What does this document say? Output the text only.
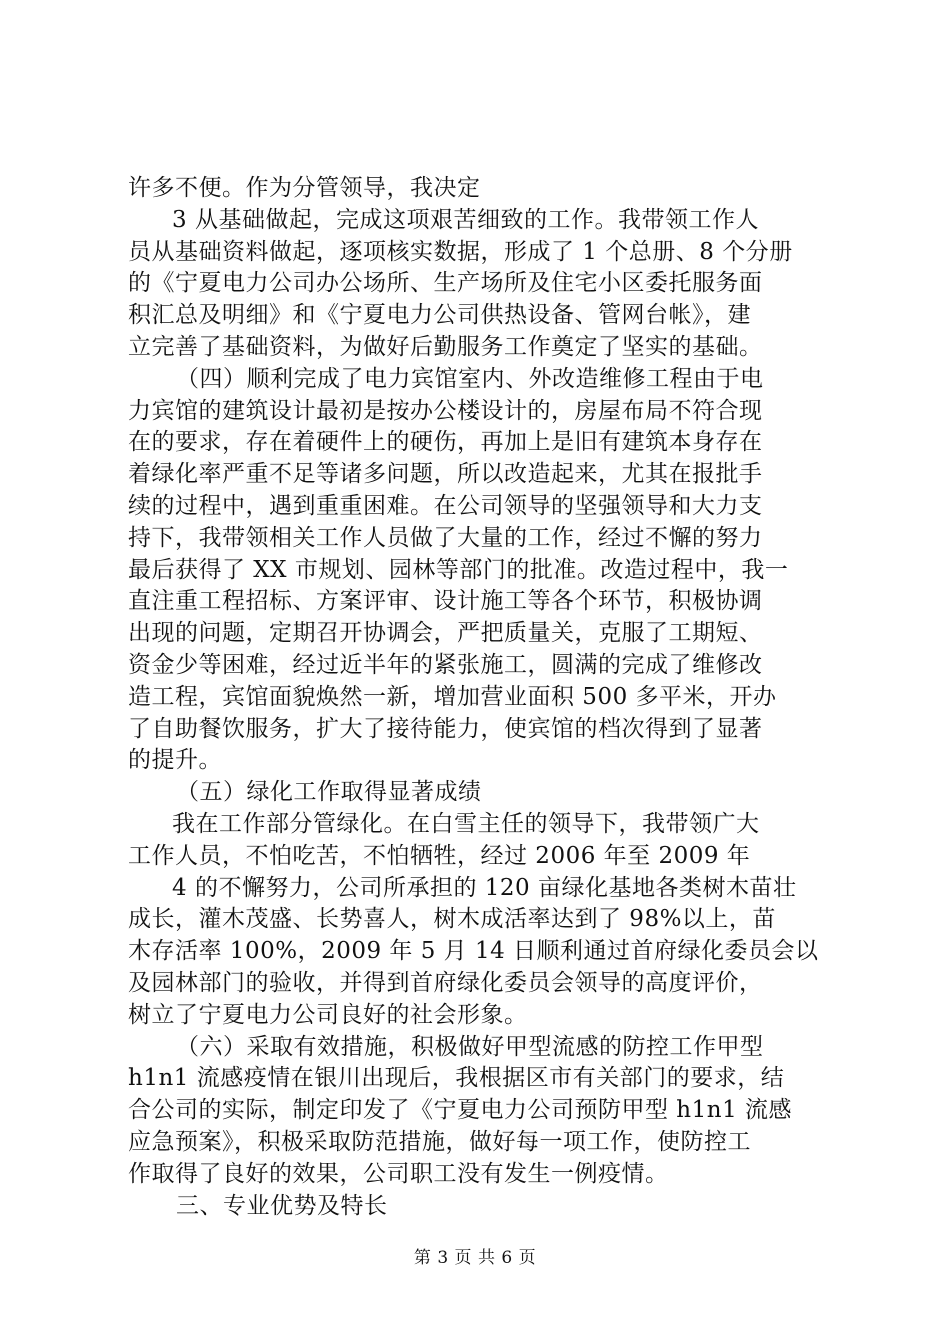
许多不便。作为分管领导，我决定
3 从基础做起，完成这项艰苦细致的工作。我带领工作人
员从基础资料做起，逐项核实数据，形成了 1 个总册、8 个分册
的《宁夏电力公司办公场所、生产场所及住宅小区委托服务面
积汇总及明细》和《宁夏电力公司供热设备、管网台帐》，建
立完善了基础资料，为做好后勤服务工作奠定了坚实的基础。
（四）顺利完成了电力宾馆室内、外改造维修工程由于电
力宾馆的建筑设计最初是按办公楼设计的，房屋布局不符合现
在的要求，存在着硬件上的硬伤，再加上是旧有建筑本身存在
着绿化率严重不足等诸多问题，所以改造起来，尤其在报批手
续的过程中，遇到重重困难。在公司领导的坚强领导和大力支
持下，我带领相关工作人员做了大量的工作，经过不懈的努力
最后获得了 XX 市规划、园林等部门的批准。改造过程中，我一
直注重工程招标、方案评审、设计施工等各个环节，积极协调
出现的问题，定期召开协调会，严把质量关，克服了工期短、
资金少等困难，经过近半年的紧张施工，圆满的完成了维修改
造工程，宾馆面貌焕然一新，增加营业面积 500 多平米，开办
了自助餐饮服务，扩大了接待能力，使宾馆的档次得到了显著
的提升。
（五）绿化工作取得显著成绩
我在工作部分管绿化。在白雪主任的领导下，我带领广大
工作人员，不怕吃苦，不怕牺牲，经过 2006 年至 2009 年
4 的不懈努力，公司所承担的 120 亩绿化基地各类树木苗壮
成长，灌木茂盛、长势喜人，树木成活率达到了 98%以上，苗
木存活率 100%，2009 年 5 月 14 日顺利通过首府绿化委员会以
及园林部门的验收，并得到首府绿化委员会领导的高度评价，
树立了宁夏电力公司良好的社会形象。
（六）采取有效措施，积极做好甲型流感的防控工作甲型
h1n1 流感疫情在银川出现后，我根据区市有关部门的要求，结
合公司的实际，制定印发了《宁夏电力公司预防甲型 h1n1 流感
应急预案》，积极采取防范措施，做好每一项工作，使防控工
作取得了良好的效果，公司职工没有发生一例疫情。
三、专业优势及特长
第 3 页 共 6 页
